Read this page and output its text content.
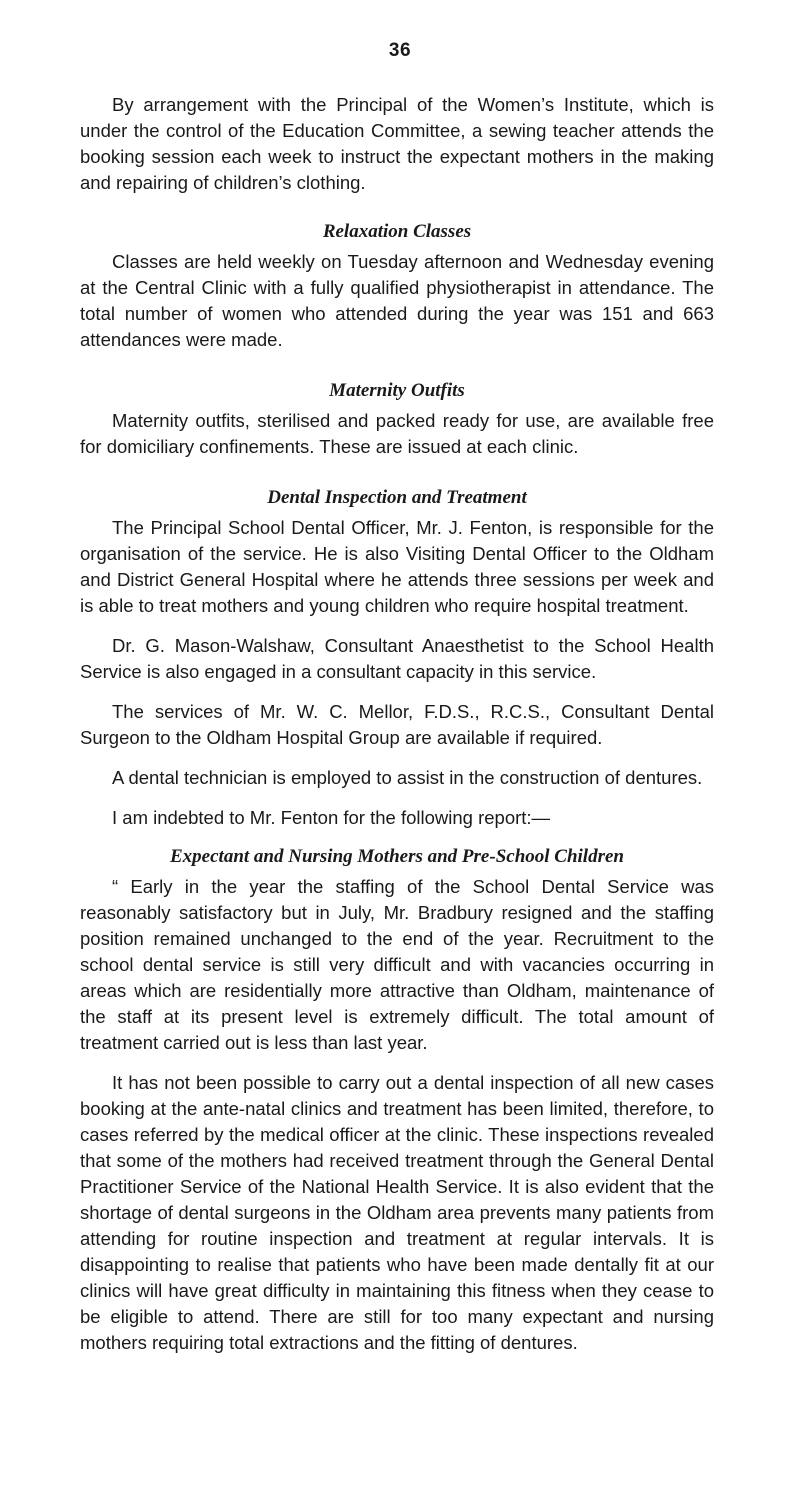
36

By arrangement with the Principal of the Women’s Institute, which is under the control of the Education Committee, a sewing teacher attends the booking session each week to instruct the expectant mothers in the making and repairing of children’s clothing.

Relaxation Classes

Classes are held weekly on Tuesday afternoon and Wednesday evening at the Central Clinic with a fully qualified physiotherapist in attendance. The total number of women who attended during the year was 151 and 663 attendances were made.

Maternity Outfits

Maternity outfits, sterilised and packed ready for use, are available free for domiciliary confinements. These are issued at each clinic.

Dental Inspection and Treatment

The Principal School Dental Officer, Mr. J. Fenton, is responsible for the organisation of the service. He is also Visiting Dental Officer to the Oldham and District General Hospital where he attends three sessions per week and is able to treat mothers and young children who require hospital treatment.

Dr. G. Mason-Walshaw, Consultant Anaesthetist to the School Health Service is also engaged in a consultant capacity in this service.

The services of Mr. W. C. Mellor, F.D.S., R.C.S., Consultant Dental Surgeon to the Oldham Hospital Group are available if required.

A dental technician is employed to assist in the construction of dentures.

I am indebted to Mr. Fenton for the following report:—

Expectant and Nursing Mothers and Pre-School Children

“ Early in the year the staffing of the School Dental Service was reasonably satisfactory but in July, Mr. Bradbury resigned and the staffing position remained unchanged to the end of the year. Recruitment to the school dental service is still very difficult and with vacancies occurring in areas which are residentially more attractive than Oldham, maintenance of the staff at its present level is extremely difficult. The total amount of treatment carried out is less than last year.

It has not been possible to carry out a dental inspection of all new cases booking at the ante-natal clinics and treatment has been limited, therefore, to cases referred by the medical officer at the clinic. These inspections revealed that some of the mothers had received treatment through the General Dental Practitioner Service of the National Health Service. It is also evident that the shortage of dental surgeons in the Oldham area prevents many patients from attending for routine inspection and treatment at regular intervals. It is disappointing to realise that patients who have been made dentally fit at our clinics will have great difficulty in maintaining this fitness when they cease to be eligible to attend. There are still for too many expectant and nursing mothers requiring total extractions and the fitting of dentures.
